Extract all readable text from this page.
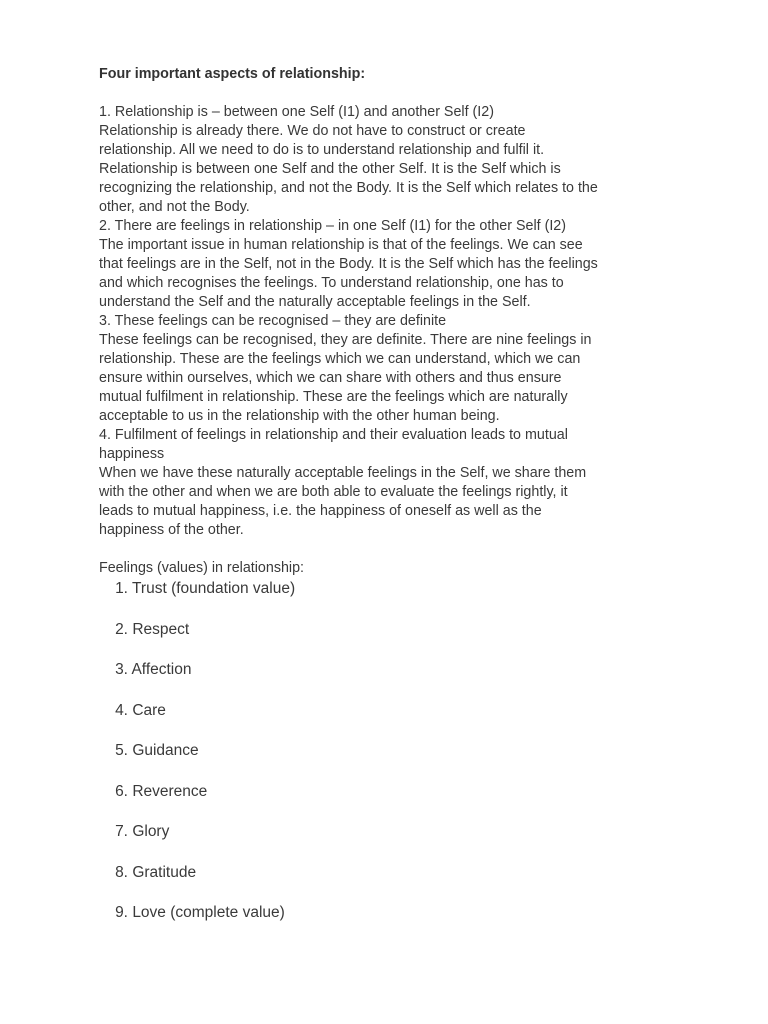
Four important aspects of relationship:

1. Relationship is – between one Self (I1) and another Self (I2)
Relationship is already there. We do not have to construct or create
relationship. All we need to do is to understand relationship and fulfil it.
Relationship is between one Self and the other Self. It is the Self which is
recognizing the relationship, and not the Body. It is the Self which relates to the
other, and not the Body.
2. There are feelings in relationship – in one Self (I1) for the other Self (I2)
The important issue in human relationship is that of the feelings. We can see
that feelings are in the Self, not in the Body. It is the Self which has the feelings
and which recognises the feelings. To understand relationship, one has to
understand the Self and the naturally acceptable feelings in the Self.
3. These feelings can be recognised – they are definite
These feelings can be recognised, they are definite. There are nine feelings in
relationship. These are the feelings which we can understand, which we can
ensure within ourselves, which we can share with others and thus ensure
mutual fulfilment in relationship. These are the feelings which are naturally
acceptable to us in the relationship with the other human being.
4. Fulfilment of feelings in relationship and their evaluation leads to mutual
happiness
When we have these naturally acceptable feelings in the Self, we share them
with the other and when we are both able to evaluate the feelings rightly, it
leads to mutual happiness, i.e. the happiness of oneself as well as the
happiness of the other.
Feelings (values) in relationship:
1. Trust (foundation value)
2. Respect
3. Affection
4. Care
5. Guidance
6. Reverence
7. Glory
8. Gratitude
9. Love (complete value)
